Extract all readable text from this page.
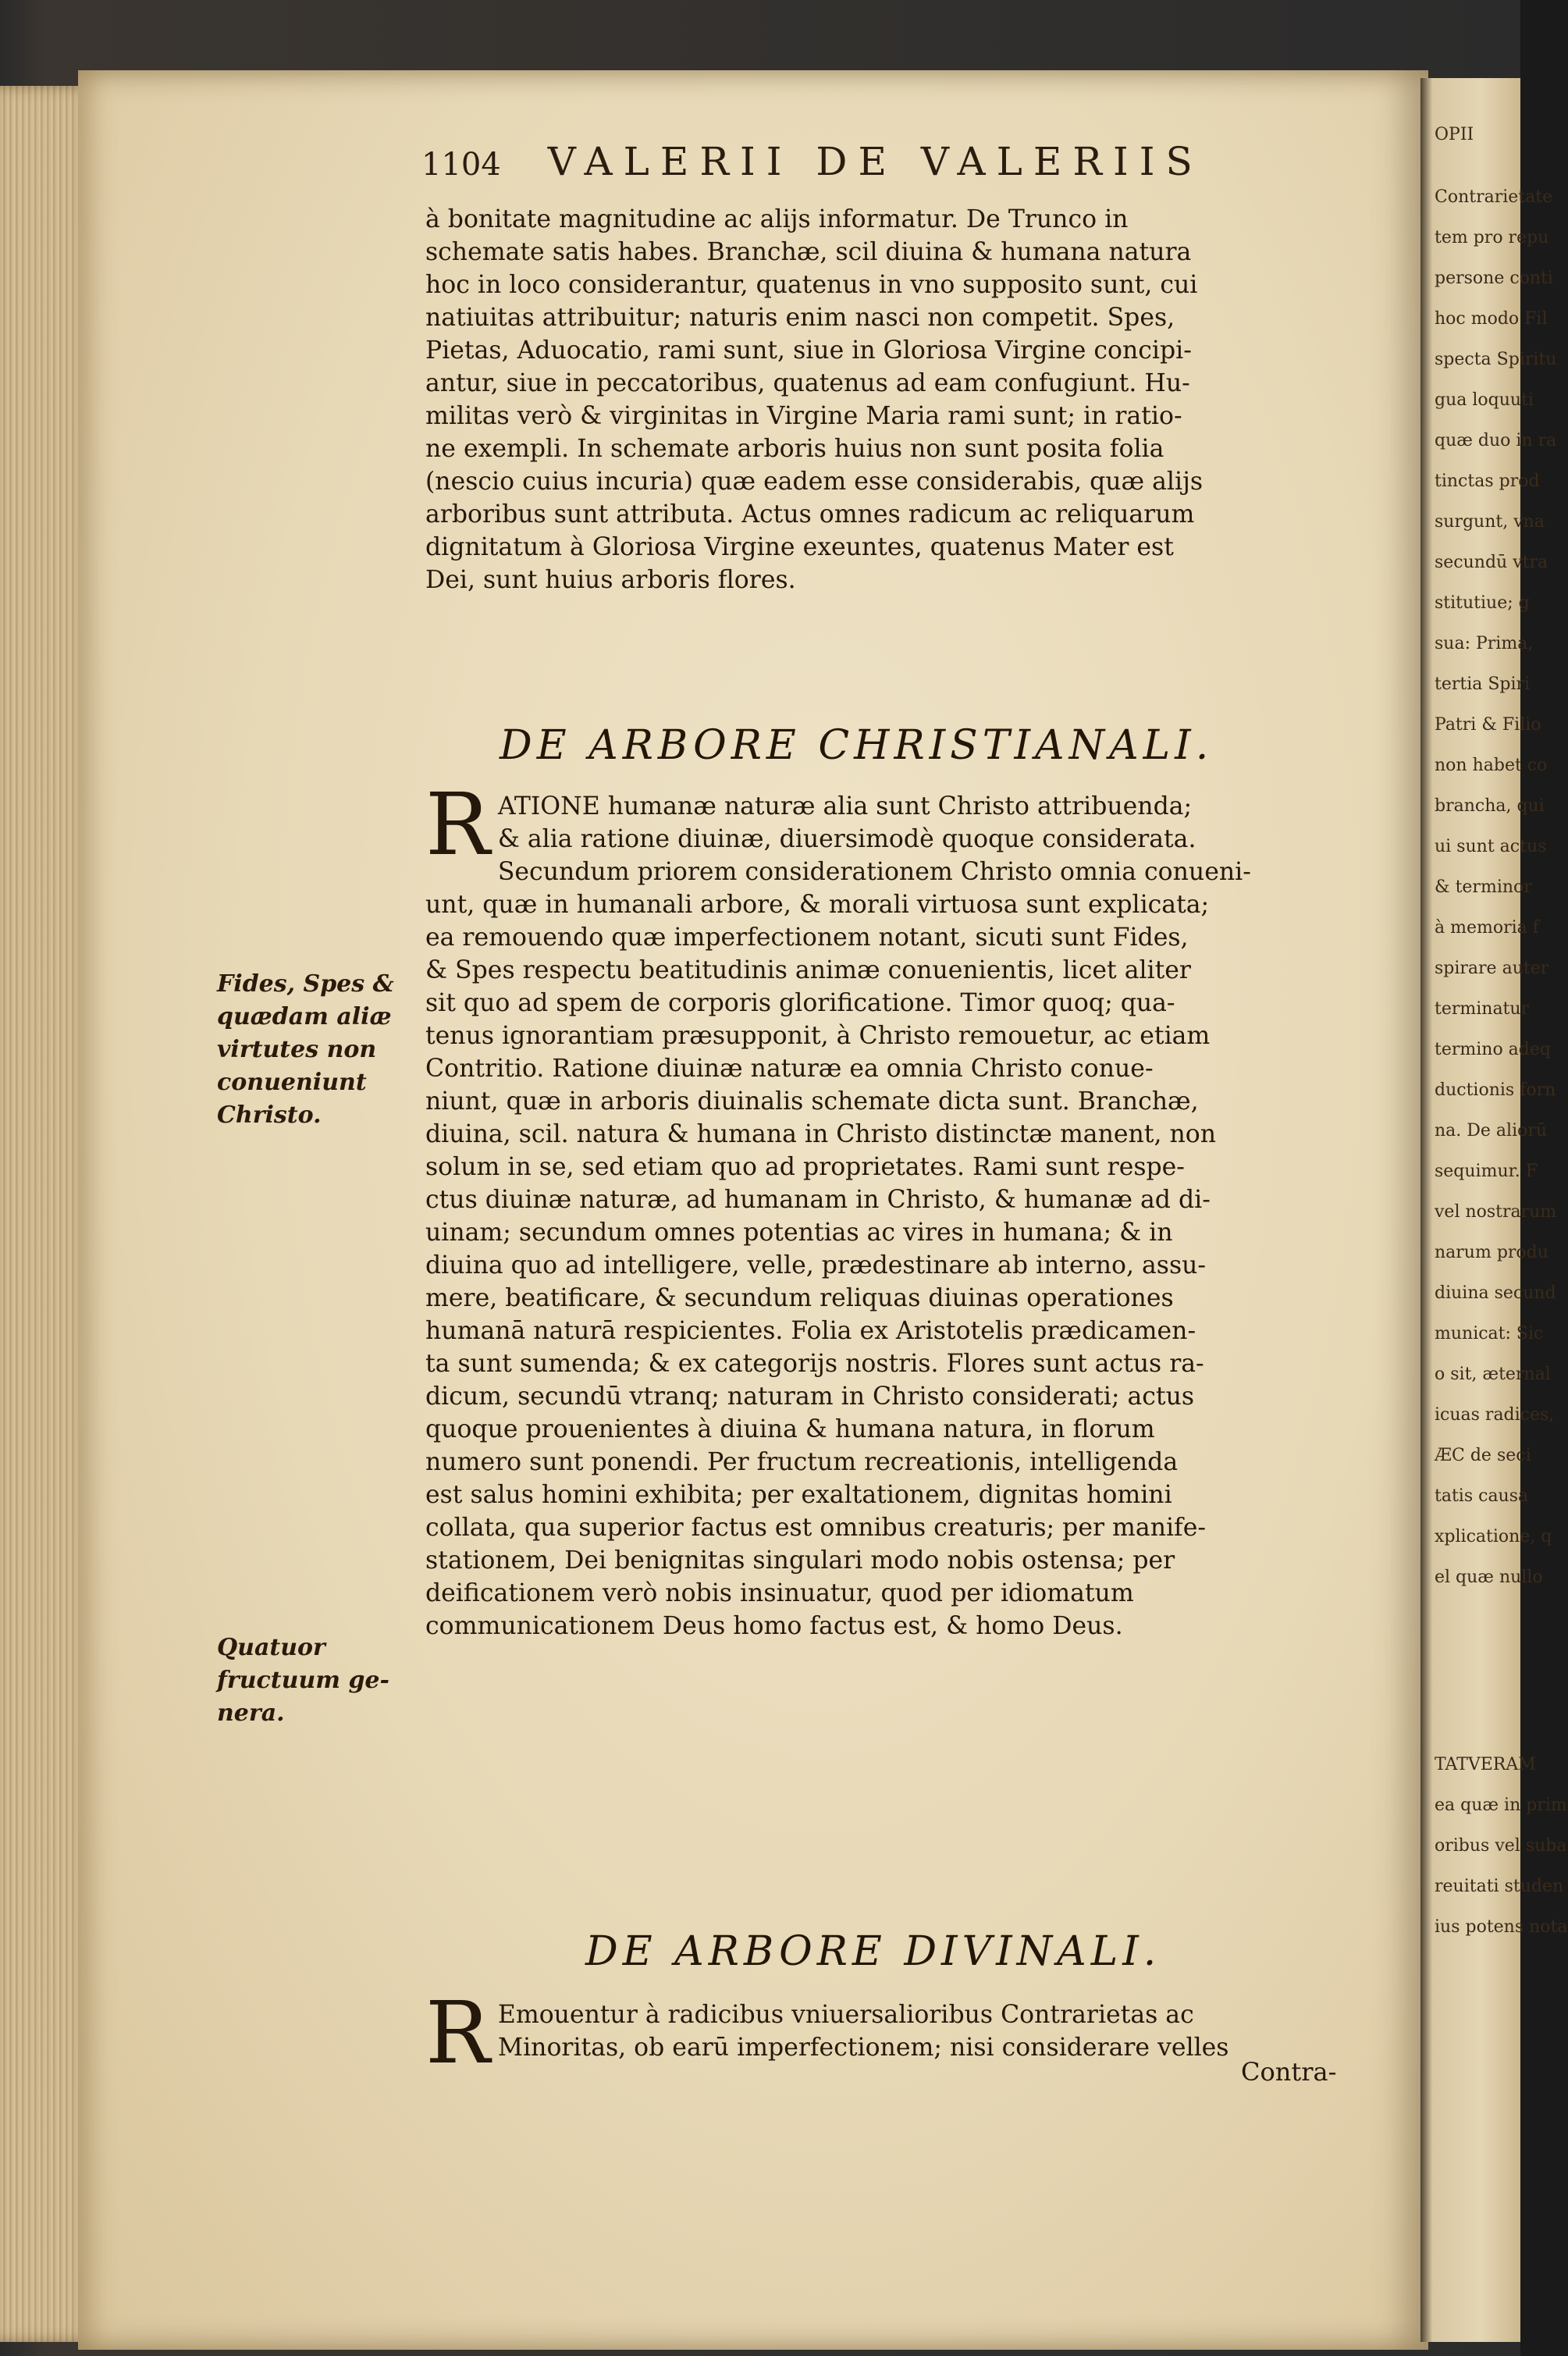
OPII
Contrarietate
tem pro repu
persone conti
hoc modo Fil
specta Spiritu
gua loquuti
quæ duo in ra
tinctas prod
surgunt, vna
secundū vtra
stitutiue; g
sua: Prima,
tertia Spiri
Patri & Filio
non habet co
brancha, qui
ui sunt actus
& terminor
à memoria f
spirare auter
terminatur
termino adeq
ductionis forn
na. De aliorū
sequimur. F
vel nostrarum
narum produ
diuina secund
municat: Sic
o sit, æternal
icuas radices,
ÆC de seci
tatis causa
xplicatione, q
el quæ nullo
TATVERAM
ea quæ in prim
oribus vel suba
reuitati studen
ius potens nota
1104 VALERII DE VALERIIS
à bonitate magnitudine ac alijs informatur. De Trunco in
schemate satis habes. Branchæ, scil diuina & humana natura
hoc in loco considerantur, quatenus in vno supposito sunt, cui
natiuitas attribuitur; naturis enim nasci non competit. Spes,
Pietas, Aduocatio, rami sunt, siue in Gloriosa Virgine concipi-
antur, siue in peccatoribus, quatenus ad eam confugiunt. Hu-
militas verò & virginitas in Virgine Maria rami sunt; in ratio-
ne exempli. In schemate arboris huius non sunt posita folia
(nescio cuius incuria) quæ eadem esse considerabis, quæ alijs
arboribus sunt attributa. Actus omnes radicum ac reliquarum
dignitatum à Gloriosa Virgine exeuntes, quatenus Mater est
Dei, sunt huius arboris flores.
DE ARBORE CHRISTIANALI.
R ATIONE humanæ naturæ alia sunt Christo attribuenda;
& alia ratione diuinæ, diuersimodè quoque considerata.
Secundum priorem considerationem Christo omnia conueni-
unt, quæ in humanali arbore, & morali virtuosa sunt explicata;
ea remouendo quæ imperfectionem notant, sicuti sunt Fides,
& Spes respectu beatitudinis animæ conuenientis, licet aliter
sit quo ad spem de corporis glorificatione. Timor quoq; qua-
tenus ignorantiam præsupponit, à Christo remouetur, ac etiam
Contritio. Ratione diuinæ naturæ ea omnia Christo conue-
niunt, quæ in arboris diuinalis schemate dicta sunt. Branchæ,
diuina, scil. natura & humana in Christo distinctæ manent, non
solum in se, sed etiam quo ad proprietates. Rami sunt respe-
ctus diuinæ naturæ, ad humanam in Christo, & humanæ ad di-
uinam; secundum omnes potentias ac vires in humana; & in
diuina quo ad intelligere, velle, prædestinare ab interno, assu-
mere, beatificare, & secundum reliquas diuinas operationes
humanā naturā respicientes. Folia ex Aristotelis prædicamen-
ta sunt sumenda; & ex categorijs nostris. Flores sunt actus ra-
dicum, secundū vtranq; naturam in Christo considerati; actus
quoque prouenientes à diuina & humana natura, in florum
numero sunt ponendi. Per fructum recreationis, intelligenda
est salus homini exhibita; per exaltationem, dignitas homini
collata, qua superior factus est omnibus creaturis; per manife-
stationem, Dei benignitas singulari modo nobis ostensa; per
deificationem verò nobis insinuatur, quod per idiomatum
communicationem Deus homo factus est, & homo Deus.
Fides, Spes &
quædam aliæ
virtutes non
conueniunt
Christo.
Quatuor
fructuum ge-
nera.
DE ARBORE DIVINALI.
R Emouentur à radicibus vniuersalioribus Contrarietas ac
Minoritas, ob earū imperfectionem; nisi considerare velles
Contra-
